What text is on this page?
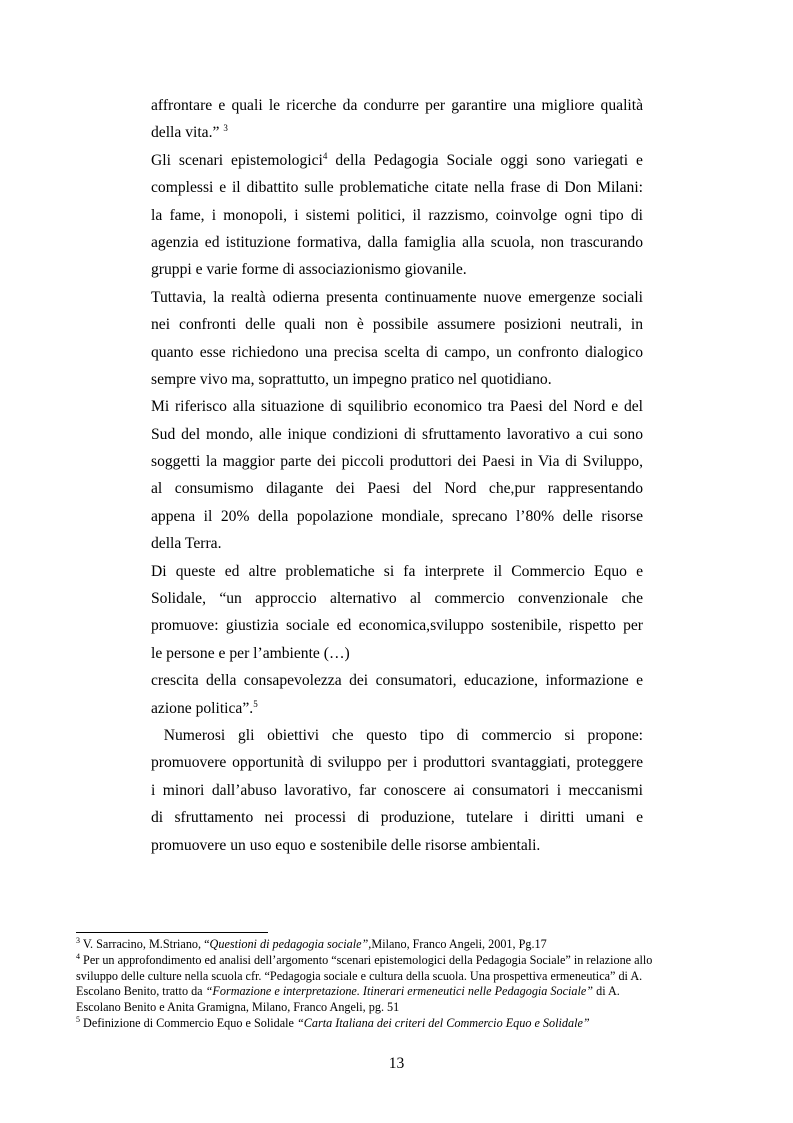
affrontare e quali le ricerche da condurre per garantire una migliore qualità
della vita.” $^3$
Gli scenari epistemologici$^4$ della Pedagogia Sociale oggi sono variegati e
complessi e il dibattito sulle problematiche citate nella frase di Don Milani:
la fame, i monopoli, i sistemi politici, il razzismo, coinvolge ogni tipo di
agenzia ed istituzione formativa, dalla famiglia alla scuola, non trascurando
gruppi e varie forme di associazionismo giovanile.
Tuttavia, la realtà odierna presenta continuamente nuove emergenze sociali
nei confronti delle quali non è possibile assumere posizioni neutrali, in
quanto esse richiedono una precisa scelta di campo, un confronto dialogico
sempre vivo ma, soprattutto, un impegno pratico nel quotidiano.
Mi riferisco alla situazione di squilibrio economico tra Paesi del Nord e del
Sud del mondo, alle inique condizioni di sfruttamento lavorativo a cui sono
soggetti la maggior parte dei piccoli produttori dei Paesi in Via di Sviluppo,
al consumismo dilagante dei Paesi del Nord che,pur rappresentando
appena il 20% della popolazione mondiale, sprecano l’80% delle risorse
della Terra.
Di queste ed altre problematiche si fa interprete il Commercio Equo e
Solidale, “un approccio alternativo al commercio convenzionale che
promuove: giustizia sociale ed economica,sviluppo sostenibile, rispetto per
le persone e per l’ambiente (…)
crescita della consapevolezza dei consumatori, educazione, informazione e
azione politica”.$^5$
Numerosi gli obiettivi che questo tipo di commercio si propone:
promuovere opportunità di sviluppo per i produttori svantaggiati, proteggere
i minori dall’abuso lavorativo, far conoscere ai consumatori i meccanismi
di sfruttamento nei processi di produzione, tutelare i diritti umani e
promuovere un uso equo e sostenibile delle risorse ambientali.
$^3$ V. Sarracino, M.Striano, “Questioni di pedagogia sociale”,Milano, Franco Angeli, 2001, Pg.17
$^4$ Per un approfondimento ed analisi dell’argomento “scenari epistemologici della Pedagogia Sociale” in relazione allo
sviluppo delle culture nella scuola cfr. “Pedagogia sociale e cultura della scuola. Una prospettiva ermeneutica” di A.
Escolano Benito, tratto da “Formazione e interpretazione. Itinerari ermeneutici nelle Pedagogia Sociale” di A.
Escolano Benito e Anita Gramigna, Milano, Franco Angeli, pg. 51
$^5$ Definizione di Commercio Equo e Solidale “Carta Italiana dei criteri del Commercio Equo e Solidale”
13
